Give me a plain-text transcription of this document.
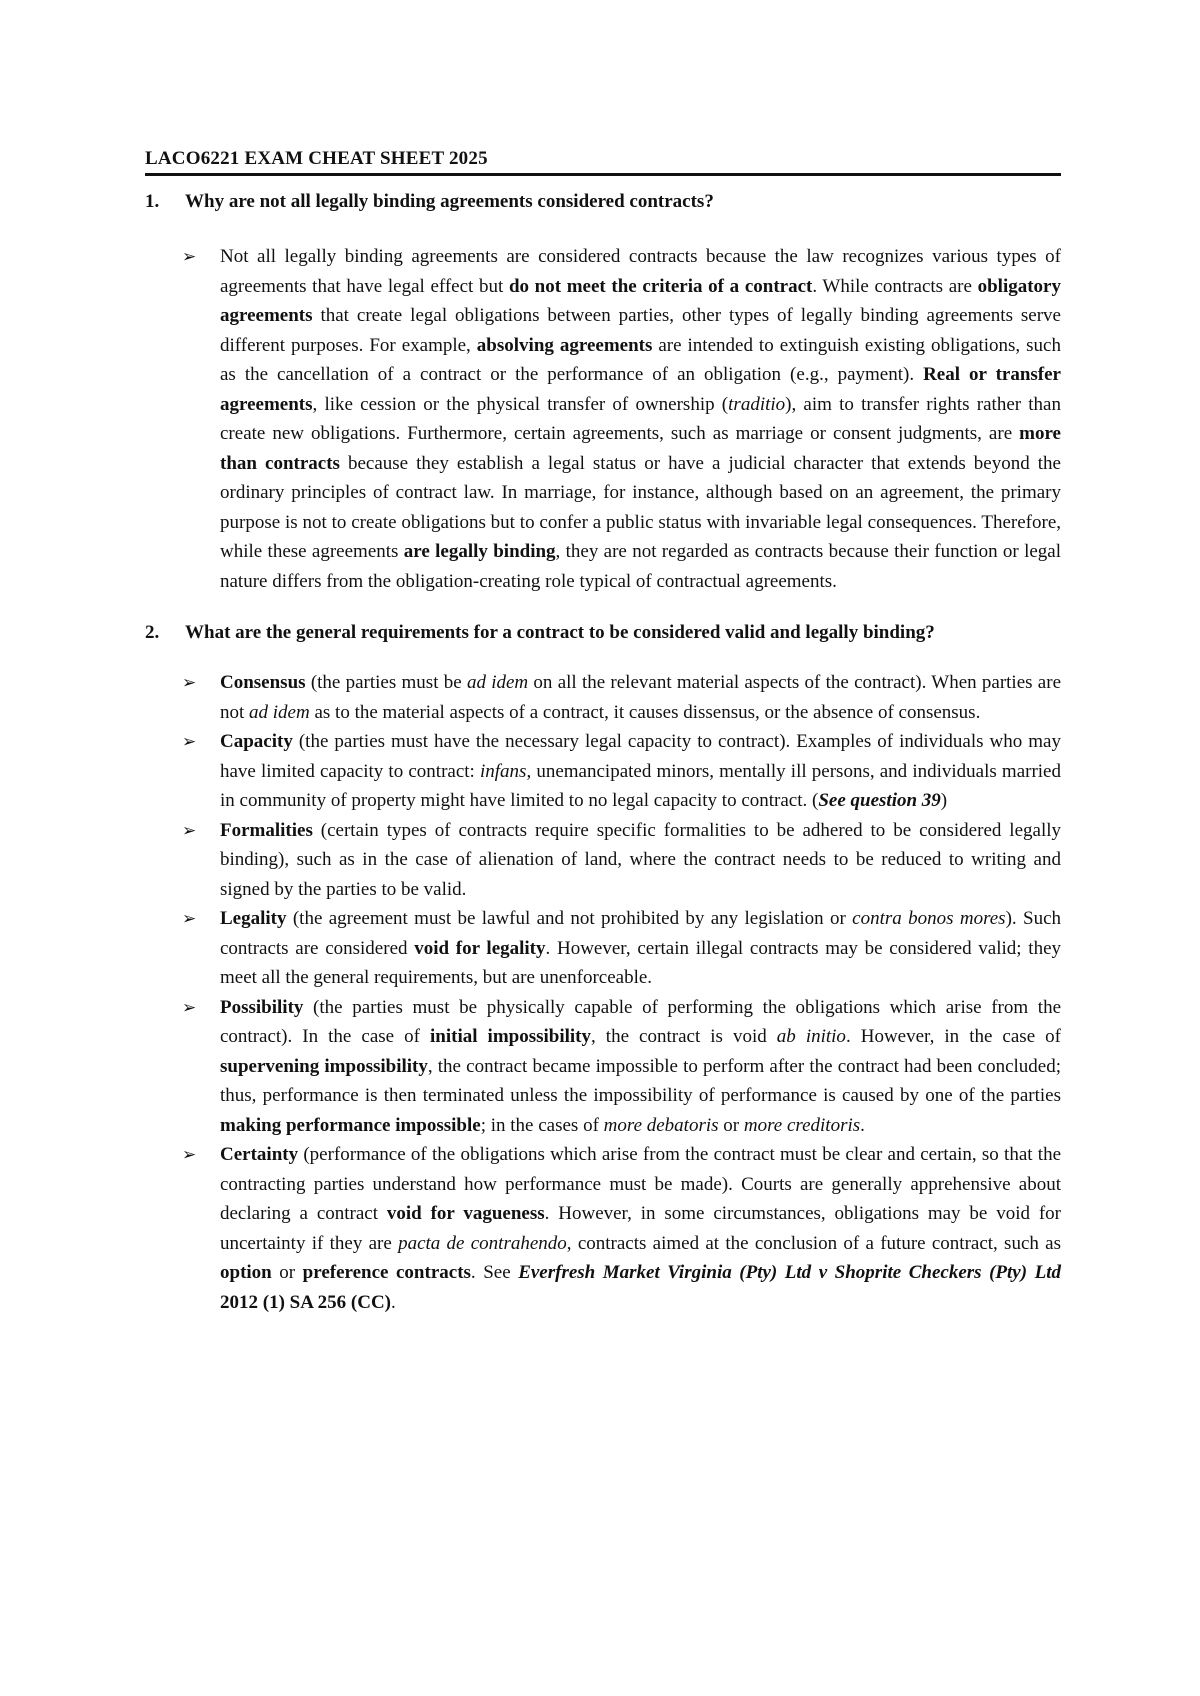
LACO6221 EXAM CHEAT SHEET 2025
1.	Why are not all legally binding agreements considered contracts?
➢	Not all legally binding agreements are considered contracts because the law recognizes various types of agreements that have legal effect but do not meet the criteria of a contract. While contracts are obligatory agreements that create legal obligations between parties, other types of legally binding agreements serve different purposes. For example, absolving agreements are intended to extinguish existing obligations, such as the cancellation of a contract or the performance of an obligation (e.g., payment). Real or transfer agreements, like cession or the physical transfer of ownership (traditio), aim to transfer rights rather than create new obligations. Furthermore, certain agreements, such as marriage or consent judgments, are more than contracts because they establish a legal status or have a judicial character that extends beyond the ordinary principles of contract law. In marriage, for instance, although based on an agreement, the primary purpose is not to create obligations but to confer a public status with invariable legal consequences. Therefore, while these agreements are legally binding, they are not regarded as contracts because their function or legal nature differs from the obligation-creating role typical of contractual agreements.
2.	What are the general requirements for a contract to be considered valid and legally binding?
➢	Consensus (the parties must be ad idem on all the relevant material aspects of the contract). When parties are not ad idem as to the material aspects of a contract, it causes dissensus, or the absence of consensus.
➢	Capacity (the parties must have the necessary legal capacity to contract). Examples of individuals who may have limited capacity to contract: infans, unemancipated minors, mentally ill persons, and individuals married in community of property might have limited to no legal capacity to contract. (See question 39)
➢	Formalities (certain types of contracts require specific formalities to be adhered to be considered legally binding), such as in the case of alienation of land, where the contract needs to be reduced to writing and signed by the parties to be valid.
➢	Legality (the agreement must be lawful and not prohibited by any legislation or contra bonos mores). Such contracts are considered void for legality. However, certain illegal contracts may be considered valid; they meet all the general requirements, but are unenforceable.
➢	Possibility (the parties must be physically capable of performing the obligations which arise from the contract). In the case of initial impossibility, the contract is void ab initio. However, in the case of supervening impossibility, the contract became impossible to perform after the contract had been concluded; thus, performance is then terminated unless the impossibility of performance is caused by one of the parties making performance impossible; in the cases of more debatoris or more creditoris.
➢	Certainty (performance of the obligations which arise from the contract must be clear and certain, so that the contracting parties understand how performance must be made). Courts are generally apprehensive about declaring a contract void for vagueness. However, in some circumstances, obligations may be void for uncertainty if they are pacta de contrahendo, contracts aimed at the conclusion of a future contract, such as option or preference contracts. See Everfresh Market Virginia (Pty) Ltd v Shoprite Checkers (Pty) Ltd 2012 (1) SA 256 (CC).
